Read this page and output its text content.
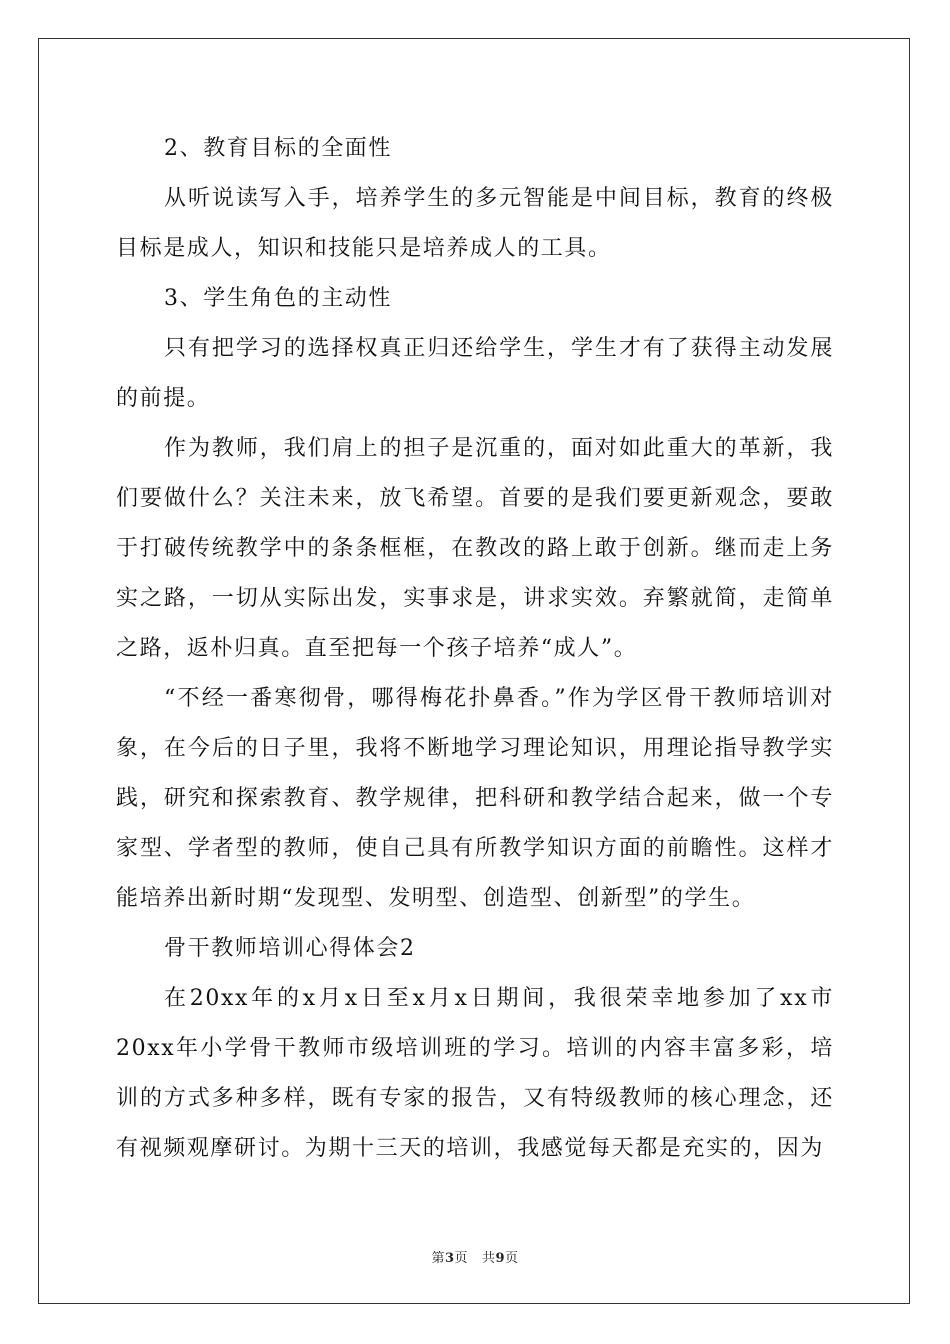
2、教育目标的全面性

从听说读写入手，培养学生的多元智能是中间目标，教育的终极目标是成人，知识和技能只是培养成人的工具。

3、学生角色的主动性

只有把学习的选择权真正归还给学生，学生才有了获得主动发展的前提。

作为教师，我们肩上的担子是沉重的，面对如此重大的革新，我们要做什么？关注未来，放飞希望。首要的是我们要更新观念，要敢于打破传统教学中的条条框框，在教改的路上敢于创新。继而走上务实之路，一切从实际出发，实事求是，讲求实效。弃繁就简，走简单之路，返朴归真。直至把每一个孩子培养“成人”。

“不经一番寒彻骨，哪得梅花扑鼻香。”作为学区骨干教师培训对象，在今后的日子里，我将不断地学习理论知识，用理论指导教学实践，研究和探索教育、教学规律，把科研和教学结合起来，做一个专家型、学者型的教师，使自己具有所教学知识方面的前瞻性。这样才能培养出新时期“发现型、发明型、创造型、创新型”的学生。

骨干教师培训心得体会2

在20xx年的x月x日至x月x日期间，我很荣幸地参加了xx市20xx年小学骨干教师市级培训班的学习。培训的内容丰富多彩，培训的方式多种多样，既有专家的报告，又有特级教师的核心理念，还有视频观摩研讨。为期十三天的培训，我感觉每天都是充实的，因为

第3页 共9页
